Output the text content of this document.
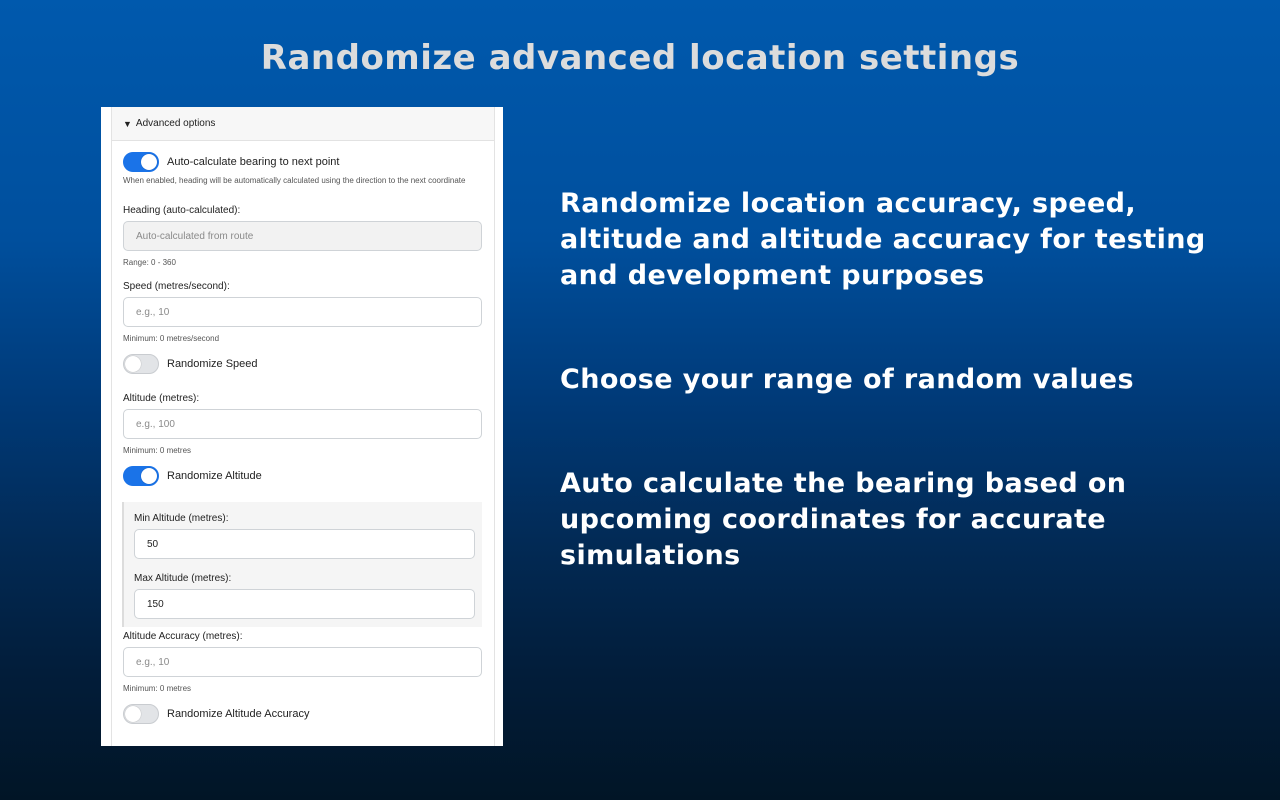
Randomize advanced location settings

Randomize location accuracy, speed, altitude and altitude accuracy for testing and development purposes

Choose your range of random values

Auto calculate the bearing based on upcoming coordinates for accurate simulations

▼ Advanced options
Auto-calculate bearing to next point
When enabled, heading will be automatically calculated using the direction to the next coordinate
Heading (auto-calculated):
Auto-calculated from route
Range: 0 - 360
Speed (metres/second):
e.g., 10
Minimum: 0 metres/second
Randomize Speed
Altitude (metres):
e.g., 100
Minimum: 0 metres
Randomize Altitude
Min Altitude (metres):
50
Max Altitude (metres):
150
Altitude Accuracy (metres):
e.g., 10
Minimum: 0 metres
Randomize Altitude Accuracy
